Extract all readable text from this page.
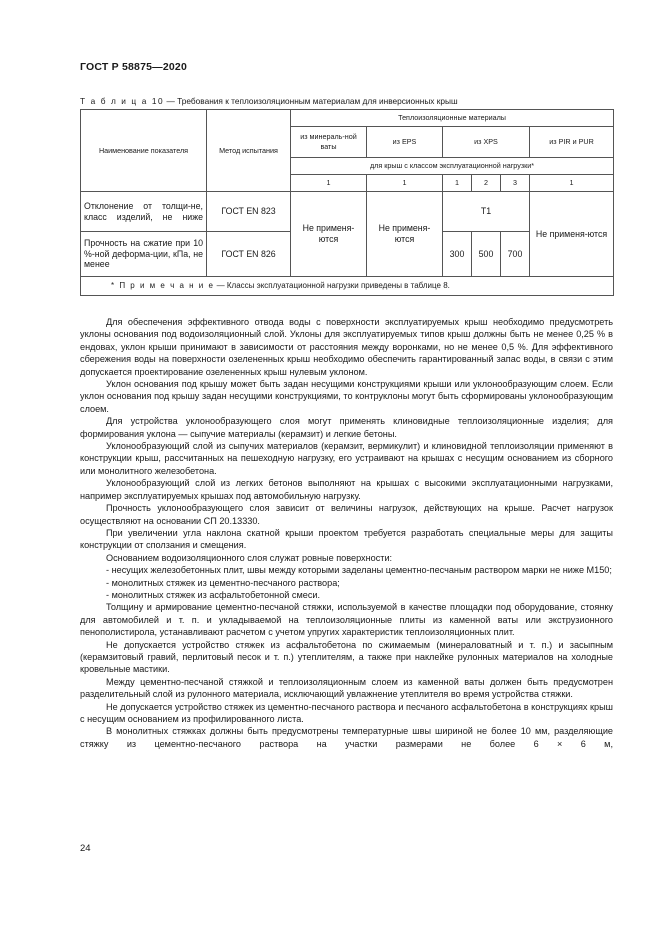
ГОСТ Р 58875—2020
Т а б л и ц а 10 — Требования к теплоизоляционным материалам для инверсионных крыш
Наименование показателя	Метод испытания	Теплоизоляционные материалы					
		из минераль-ной ваты	из EPS	из XPS			из PIR и PUR
		для крыш с классом эксплуатационной нагрузки*					
		1	1	1	2	3	1
Отклонение от толщи-не, класс изделий, не ниже	ГОСТ EN 823	Не применя-ются	Не применя-ются	Т1			Не применя-ются
Прочность на сжатие при 10 %-ной деформа-ции, кПа, не менее	ГОСТ EN 826			300	500	700	
* П р и м е ч а н и е — Классы эксплуатационной нагрузки приведены в таблице 8.							

Для обеспечения эффективного отвода воды с поверхности эксплуатируемых крыш необходимо предусмотреть уклоны основания под водоизоляционный слой. Уклоны для эксплуатируемых типов крыш должны быть не менее 0,25 % в ендовах, уклон крыши принимают в зависимости от расстояния между воронками, но не менее 0,5 %. Для эффективного сбережения воды на поверхности озелененных крыш необходимо обеспечить гарантированный запас воды, в связи с этим допускается проектирование озелененных крыш нулевым уклоном.

Уклон основания под крышу может быть задан несущими конструкциями крыши или уклонообразующим слоем. Если уклон основания под крышу задан несущими конструкциями, то контруклоны могут быть сформированы уклонообразующим слоем.

Для устройства уклонообразующего слоя могут применять клиновидные теплоизоляционные изделия; для формирования уклона — сыпучие материалы (керамзит) и легкие бетоны.

Уклонообразующий слой из сыпучих материалов (керамзит, вермикулит) и клиновидной теплоизоляции применяют в конструкции крыш, рассчитанных на пешеходную нагрузку, его устраивают на крышах с несущим основанием из сборного или монолитного железобетона.

Уклонообразующий слой из легких бетонов выполняют на крышах с высокими эксплуатационными нагрузками, например эксплуатируемых крышах под автомобильную нагрузку.

Прочность уклонообразующего слоя зависит от величины нагрузок, действующих на крыше. Расчет нагрузок осуществляют на основании СП 20.13330.

При увеличении угла наклона скатной крыши проектом требуется разработать специальные меры для защиты конструкции от сползания и смещения.

Основанием водоизоляционного слоя служат ровные поверхности:

- несущих железобетонных плит, швы между которыми заделаны цементно-песчаным раствором марки не ниже М150;

- монолитных стяжек из цементно-песчаного раствора;

- монолитных стяжек из асфальтобетонной смеси.

Толщину и армирование цементно-песчаной стяжки, используемой в качестве площадки под оборудование, стоянку для автомобилей и т. п. и укладываемой на теплоизоляционные плиты из каменной ваты или экструзионного пенополистирола, устанавливают расчетом с учетом упругих характеристик теплоизоляционных плит.

Не допускается устройство стяжек из асфальтобетона по сжимаемым (минераловатный и т. п.) и засыпным (керамзитовый гравий, перлитовый песок и т. п.) утеплителям, а также при наклейке рулонных материалов на холодные кровельные мастики.

Между цементно-песчаной стяжкой и теплоизоляционным слоем из каменной ваты должен быть предусмотрен разделительный слой из рулонного материала, исключающий увлажнение утеплителя во время устройства стяжки.

Не допускается устройство стяжек из цементно-песчаного раствора и песчаного асфальтобетона в конструкциях крыш с несущим основанием из профилированного листа.

В монолитных стяжках должны быть предусмотрены температурные швы шириной не более 10 мм, разделяющие стяжку из цементно-песчаного раствора на участки размерами не более 6 × 6 м,

24
